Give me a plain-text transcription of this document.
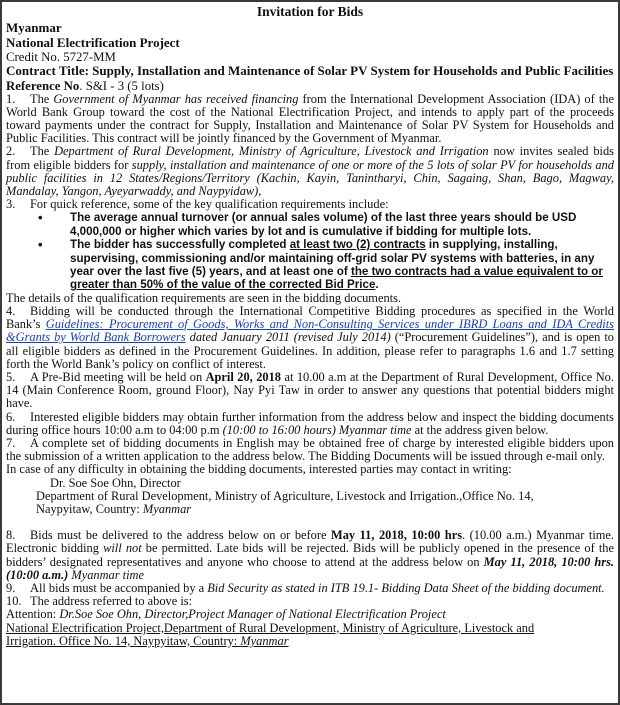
Invitation for Bids
Myanmar
National Electrification Project
Credit No. 5727-MM
Contract Title: Supply, Installation and Maintenance of Solar PV System for Households and Public Facilities
Reference No. S&I - 3 (5 lots)

1. The Government of Myanmar has received financing from the International Development Association (IDA) of the World Bank Group toward the cost of the National Electrification Project, and intends to apply part of the proceeds toward payments under the contract for Supply, Installation and Maintenance of Solar PV System for Households and Public Facilities. This contract will be jointly financed by the Government of Myanmar.

2. The Department of Rural Development, Ministry of Agriculture, Livestock and Irrigation now invites sealed bids from eligible bidders for supply, installation and maintenance of one or more of the 5 lots of solar PV for households and public facilities in 12 States/Regions/Territory (Kachin, Kayin, Tanintharyi, Chin, Sagaing, Shan, Bago, Magway, Mandalay, Yangon, Ayeyarwaddy, and Naypyidaw),

3. For quick reference, some of the key qualification requirements include:

• The average annual turnover (or annual sales volume) of the last three years should be USD 4,000,000 or higher which varies by lot and is cumulative if bidding for multiple lots.
• The bidder has successfully completed at least two (2) contracts in supplying, installing, supervising, commissioning and/or maintaining off-grid solar PV systems with batteries, in any year over the last five (5) years, and at least one of the two contracts had a value equivalent to or greater than 50% of the value of the corrected Bid Price.

The details of the qualification requirements are seen in the bidding documents.

4. Bidding will be conducted through the International Competitive Bidding procedures as specified in the World Bank’s Guidelines: Procurement of Goods, Works and Non-Consulting Services under IBRD Loans and IDA Credits &Grants by World Bank Borrowers dated January 2011 (revised July 2014) (“Procurement Guidelines”), and is open to all eligible bidders as defined in the Procurement Guidelines. In addition, please refer to paragraphs 1.6 and 1.7 setting forth the World Bank’s policy on conflict of interest.

5. A Pre-Bid meeting will be held on April 20, 2018 at 10.00 a.m at the Department of Rural Development, Office No. 14 (Main Conference Room, ground Floor), Nay Pyi Taw in order to answer any questions that potential bidders might have.

6. Interested eligible bidders may obtain further information from the address below and inspect the bidding documents during office hours 10:00 a.m to 04:00 p.m (10:00 to 16:00 hours) Myanmar time at the address given below.

7. A complete set of bidding documents in English may be obtained free of charge by interested eligible bidders upon the submission of a written application to the address below. The Bidding Documents will be issued through e-mail only.

In case of any difficulty in obtaining the bidding documents, interested parties may contact in writing:

Dr. Soe Soe Ohn, Director

Department of Rural Development, Ministry of Agriculture, Livestock and Irrigation.,Office No. 14,
Naypyitaw, Country: Myanmar

8. Bids must be delivered to the address below on or before May 11, 2018, 10:00 hrs. (10.00 a.m.) Myanmar time. Electronic bidding will not be permitted. Late bids will be rejected. Bids will be publicly opened in the presence of the bidders’ designated representatives and anyone who choose to attend at the address below on May 11, 2018, 10:00 hrs. (10:00 a.m.) Myanmar time

9. All bids must be accompanied by a Bid Security as stated in ITB 19.1- Bidding Data Sheet of the bidding document.

10. The address referred to above is:

Attention: Dr.Soe Soe Ohn, Director,Project Manager of National Electrification Project

National Electrification Project,Department of Rural Development, Ministry of Agriculture, Livestock and

Irrigation. Office No. 14, Naypyitaw, Country: Myanmar
